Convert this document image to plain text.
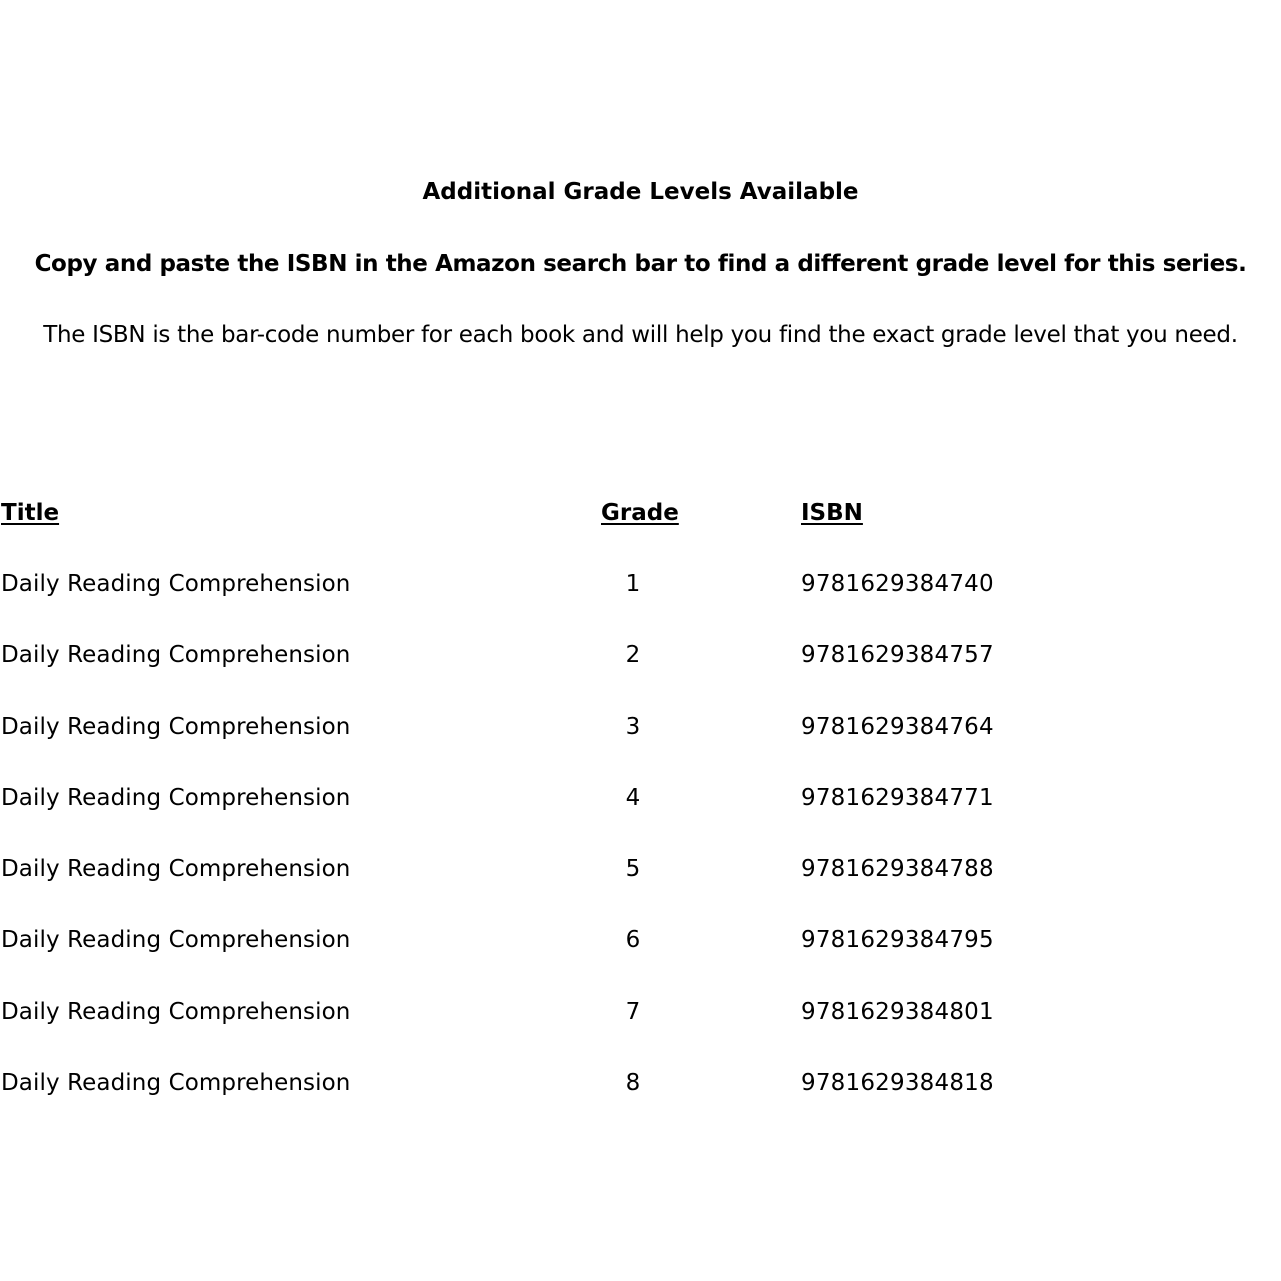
Additional Grade Levels Available
Copy and paste the ISBN in the Amazon search bar to find a different grade level for this series.
The ISBN is the bar-code number for each book and will help you find the exact grade level that you need.
Title	Grade	ISBN
Daily Reading Comprehension	1	9781629384740
Daily Reading Comprehension	2	9781629384757
Daily Reading Comprehension	3	9781629384764
Daily Reading Comprehension	4	9781629384771
Daily Reading Comprehension	5	9781629384788
Daily Reading Comprehension	6	9781629384795
Daily Reading Comprehension	7	9781629384801
Daily Reading Comprehension	8	9781629384818
